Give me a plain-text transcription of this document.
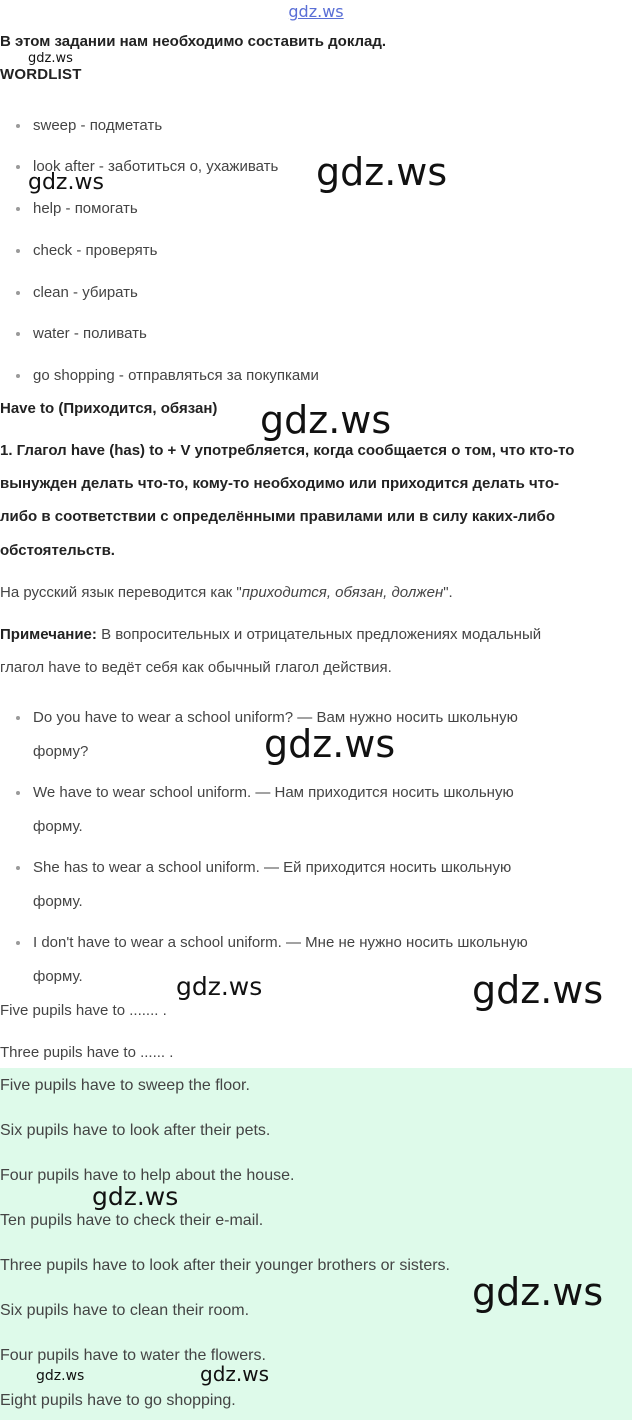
gdz.ws
В этом задании нам необходимо составить доклад.
gdz.ws
WORDLIST
sweep - подметать
look after - заботиться о, ухаживать
help - помогать
check - проверять
clean - убирать
water - поливать
go shopping - отправляться за покупками
gdz.ws	gdz.ws
Have to (Приходится, обязан) gdz.ws
1. Глагол have (has) to + V употребляется, когда сообщается о том, что кто-то
вынужден делать что-то, кому-то необходимо или приходится делать что-
либо в соответствии с определёнными правилами или в силу каких-либо
обстоятельств.
На русский язык переводится как "приходится, обязан, должен".
Примечание: В вопросительных и отрицательных предложениях модальный
глагол have to ведёт себя как обычный глагол действия.
Do you have to wear a school uniform? — Вам нужно носить школьную
форму?
We have to wear school uniform. — Нам приходится носить школьную
форму.
She has to wear a school uniform. — Ей приходится носить школьную
форму.
I don't have to wear a school uniform. — Мне не нужно носить школьную
форму.
gdz.ws
Five pupils have to ....... .
Three pupils have to ...... .
gdz.ws	gdz.ws
Five pupils have to sweep the floor.
Six pupils have to look after their pets.
Four pupils have to help about the house.
Ten pupils have to check their e-mail.
Three pupils have to look after their younger brothers or sisters.
Six pupils have to clean their room.
Four pupils have to water the flowers.
Eight pupils have to go shopping.
gdz.ws
gdz.ws
gdz.ws	gdz.ws
